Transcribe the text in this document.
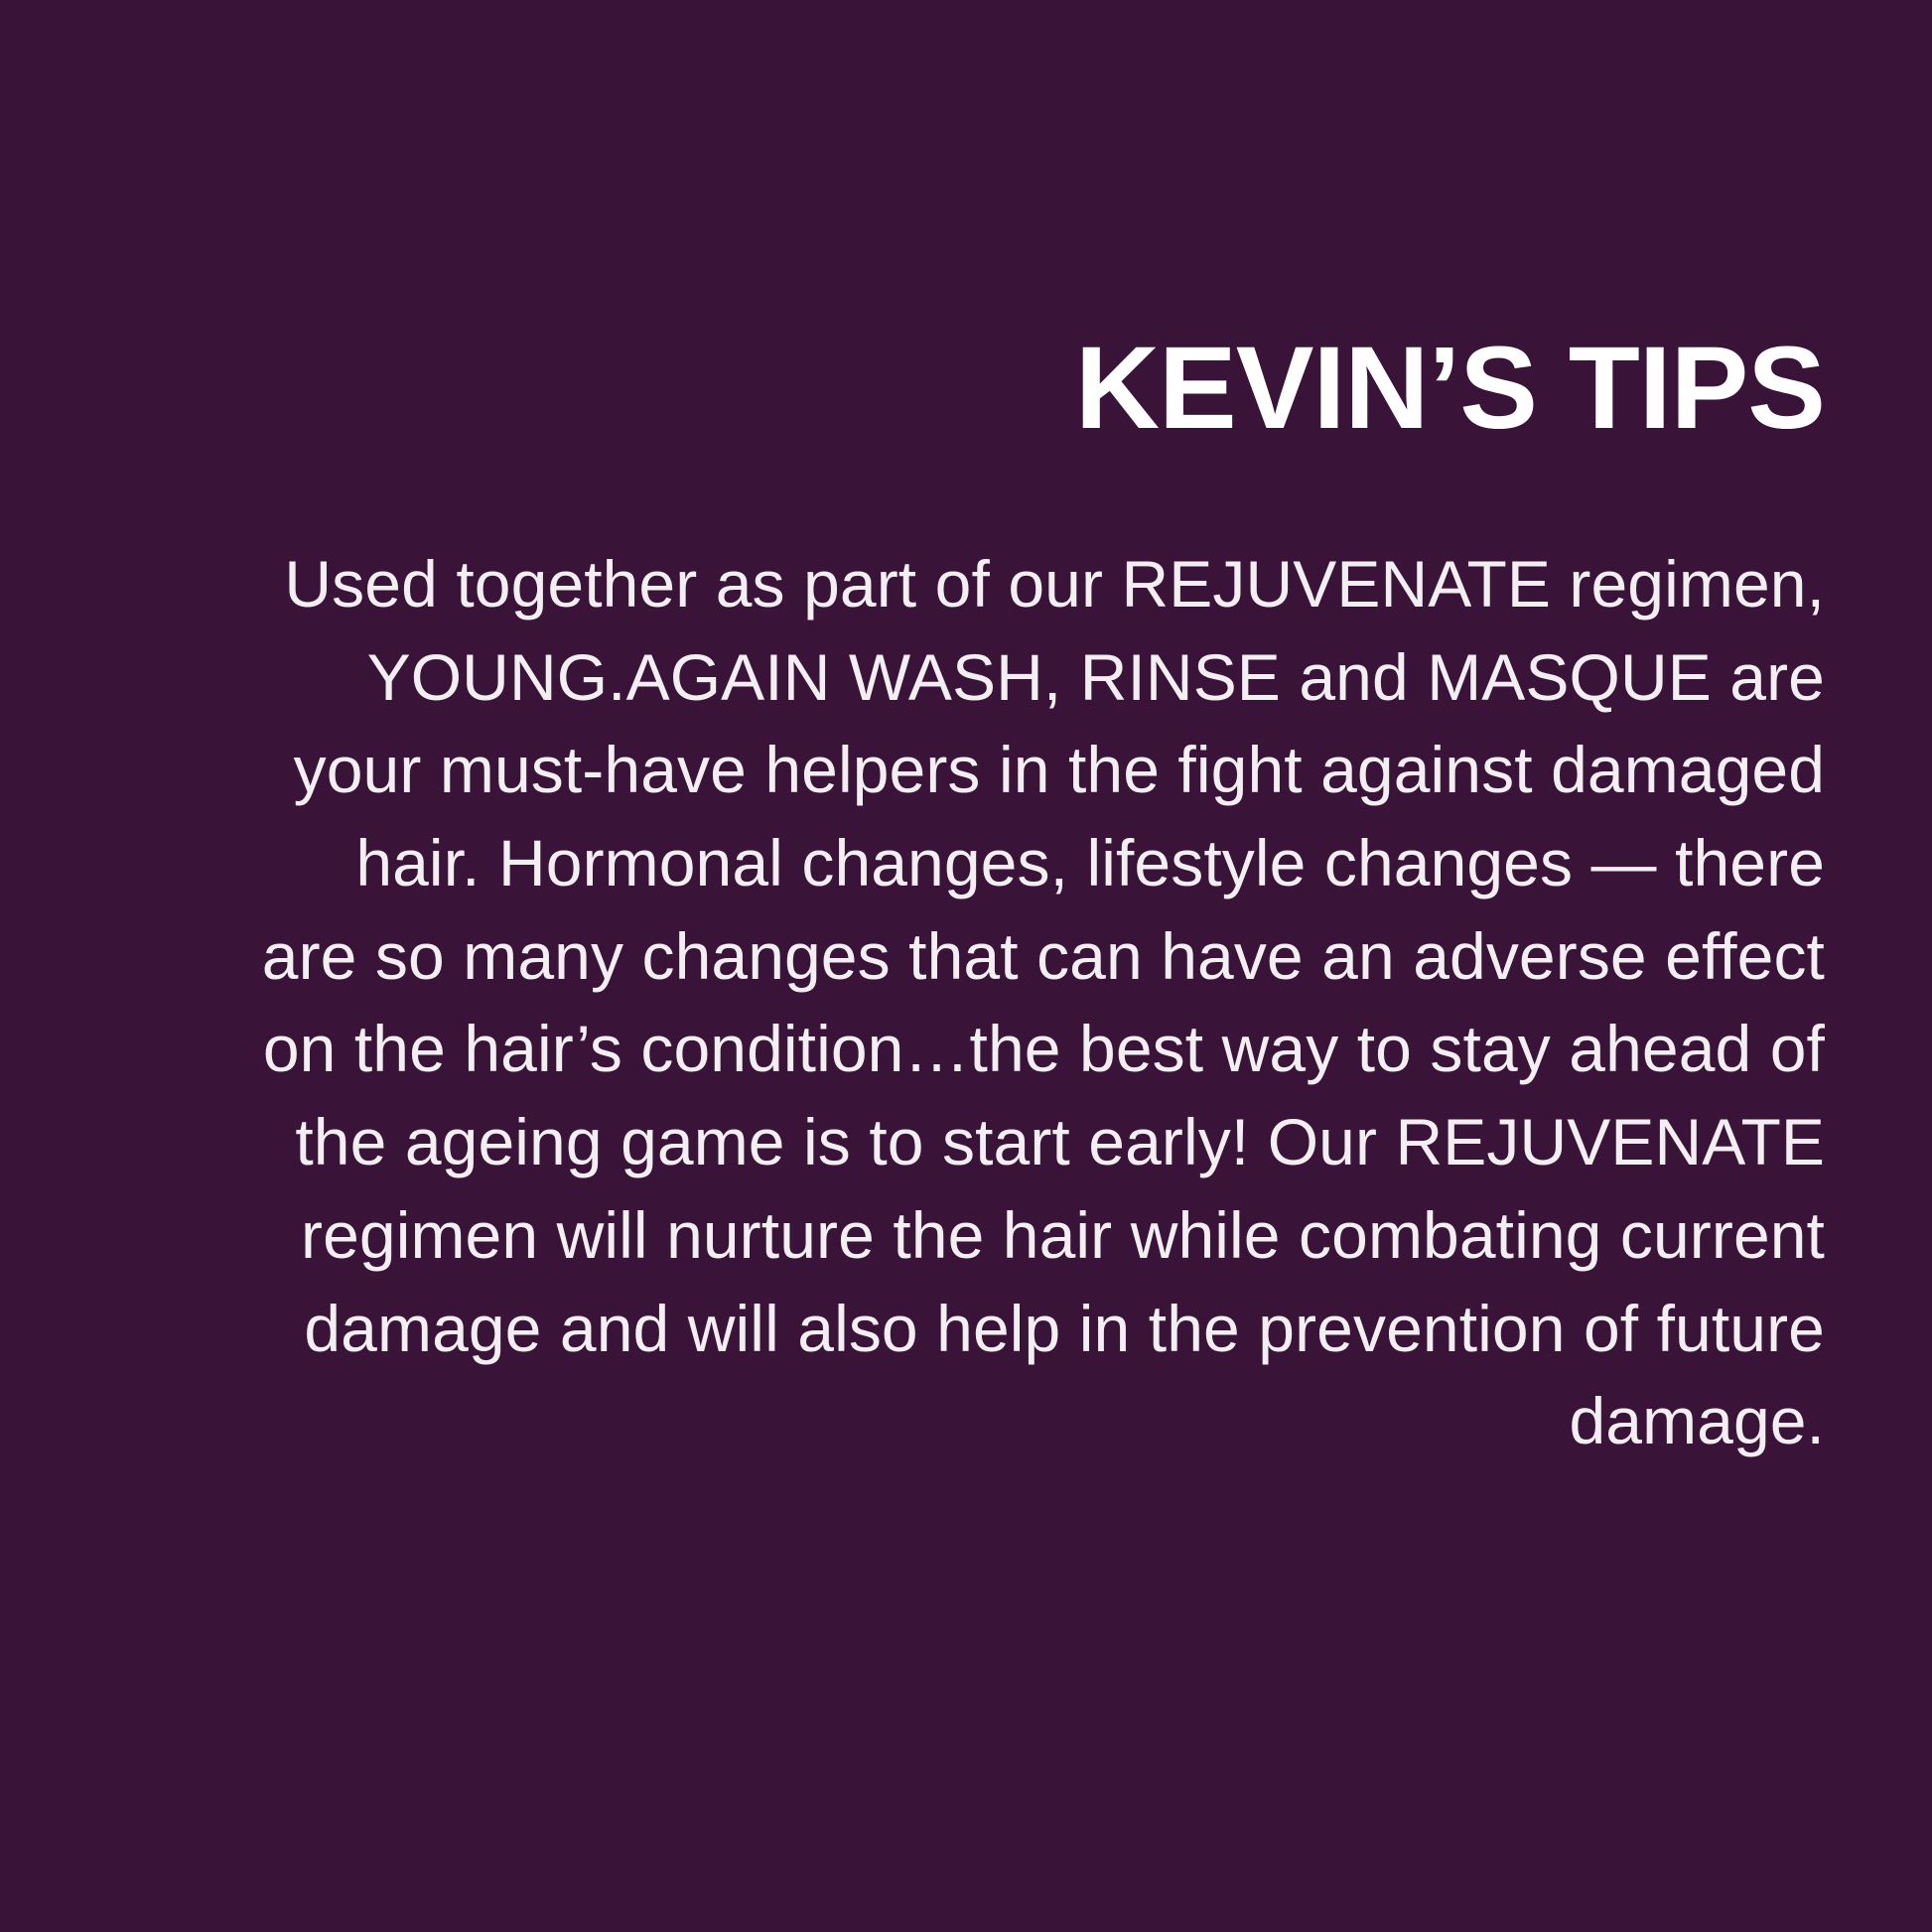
KEVIN’S TIPS

Used together as part of our REJUVENATE regimen, YOUNG.AGAIN WASH, RINSE and MASQUE are your must-have helpers in the fight against damaged hair. Hormonal changes, lifestyle changes — there are so many changes that can have an adverse effect on the hair’s condition…the best way to stay ahead of the ageing game is to start early! Our REJUVENATE regimen will nurture the hair while combating current damage and will also help in the prevention of future damage.
